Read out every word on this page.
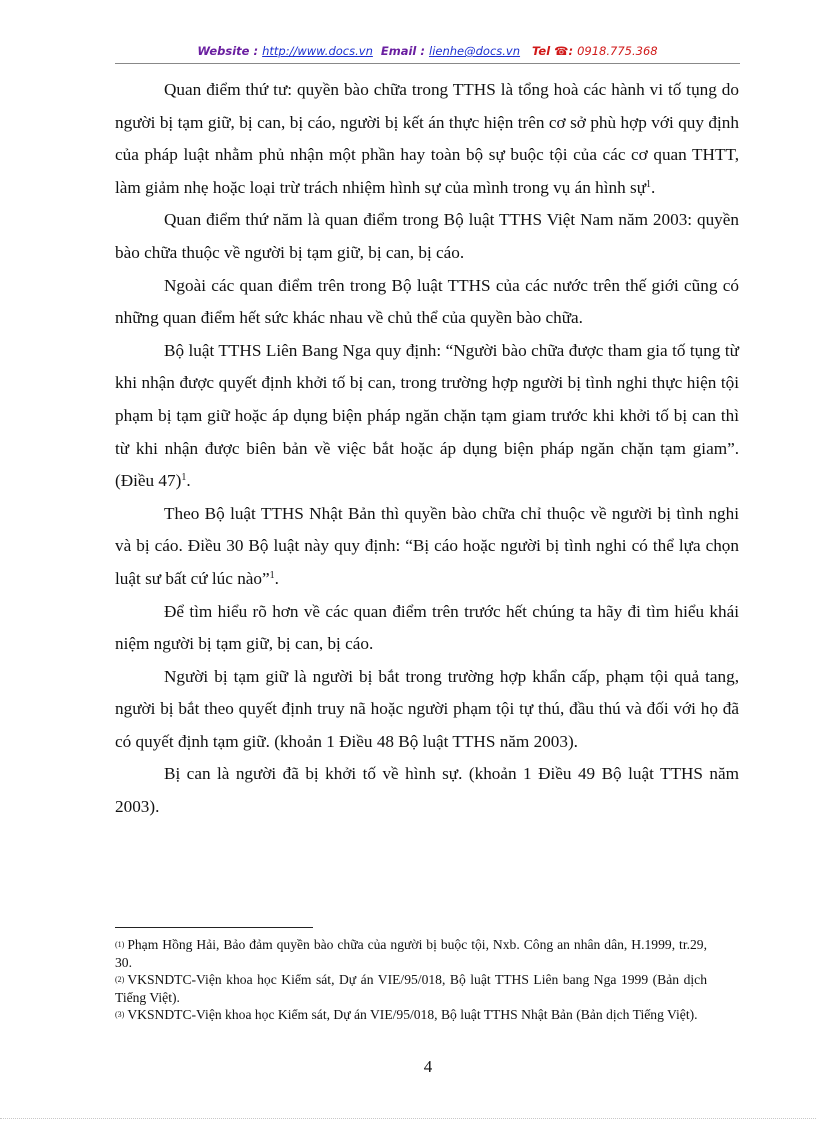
Website : http://www.docs.vn Email : lienhe@docs.vn Tel ☎: 0918.775.368

Quan điểm thứ tư: quyền bào chữa trong TTHS là tổng hoà các hành vi tố tụng do người bị tạm giữ, bị can, bị cáo, người bị kết án thực hiện trên cơ sở phù hợp với quy định của pháp luật nhằm phủ nhận một phần hay toàn bộ sự buộc tội của các cơ quan THTT, làm giảm nhẹ hoặc loại trừ trách nhiệm hình sự của mình trong vụ án hình sự$^1$.

Quan điểm thứ năm là quan điểm trong Bộ luật TTHS Việt Nam năm 2003: quyền bào chữa thuộc về người bị tạm giữ, bị can, bị cáo.

Ngoài các quan điểm trên trong Bộ luật TTHS của các nước trên thế giới cũng có những quan điểm hết sức khác nhau về chủ thể của quyền bào chữa.

Bộ luật TTHS Liên Bang Nga quy định: “Người bào chữa được tham gia tố tụng từ khi nhận được quyết định khởi tố bị can, trong trường hợp người bị tình nghi thực hiện tội phạm bị tạm giữ hoặc áp dụng biện pháp ngăn chặn tạm giam trước khi khởi tố bị can thì từ khi nhận được biên bản về việc bắt hoặc áp dụng biện pháp ngăn chặn tạm giam”. (Điều 47)$^1$.

Theo Bộ luật TTHS Nhật Bản thì quyền bào chữa chỉ thuộc về người bị tình nghi và bị cáo. Điều 30 Bộ luật này quy định: “Bị cáo hoặc người bị tình nghi có thể lựa chọn luật sư bất cứ lúc nào”$^1$.

Để tìm hiểu rõ hơn về các quan điểm trên trước hết chúng ta hãy đi tìm hiểu khái niệm người bị tạm giữ, bị can, bị cáo.

Người bị tạm giữ là người bị bắt trong trường hợp khẩn cấp, phạm tội quả tang, người bị bắt theo quyết định truy nã hoặc người phạm tội tự thú, đầu thú và đối với họ đã có quyết định tạm giữ. (khoản 1 Điều 48 Bộ luật TTHS năm 2003).

Bị can là người đã bị khởi tố về hình sự. (khoản 1 Điều 49 Bộ luật TTHS năm 2003).

(1) Phạm Hồng Hải, Bảo đảm quyền bào chữa của người bị buộc tội, Nxb. Công an nhân dân, H.1999, tr.29, 30.

(2) VKSNDTC-Viện khoa học Kiểm sát, Dự án VIE/95/018, Bộ luật TTHS Liên bang Nga 1999 (Bản dịch Tiếng Việt).

(3) VKSNDTC-Viện khoa học Kiểm sát, Dự án VIE/95/018, Bộ luật TTHS Nhật Bản (Bản dịch Tiếng Việt).

4
